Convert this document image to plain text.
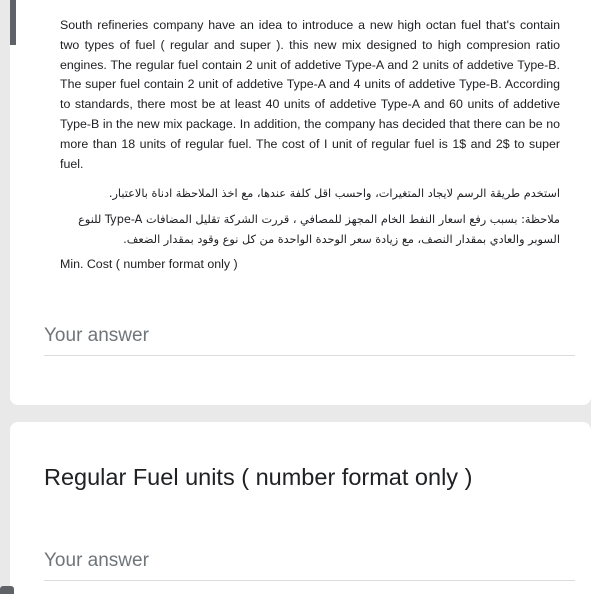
South refineries company have an idea to introduce a new high octan fuel that's contain two types of fuel ( regular and super ). this new mix designed to high compresion ratio engines. The regular fuel contain 2 unit of addetive Type-A and 2 units of addetive Type-B. The super fuel contain 2 unit of addetive Type-A and 4 units of addetive Type-B. According to standards, there most be at least 40 units of addetive Type-A and 60 units of addetive Type-B in the new mix package. In addition, the company has decided that there can be no more than 18 units of regular fuel. The cost of I unit of regular fuel is 1$ and 2$ to super fuel.

استخدم طريقة الرسم لايجاد المتغيرات، واحسب اقل كلفة عندها، مع اخذ الملاحظة ادناة بالاعتبار.

ملاحظة: بسبب رفع اسعار النفط الخام المجهز للمصافي ، قررت الشركة تقليل المضافات Type-A للنوع السوبر والعادي بمقدار النصف، مع زيادة سعر الوحدة الواحدة من كل نوع وقود بمقدار الضعف.

Min. Cost ( number format only )

Your answer

Regular Fuel units ( number format only )

Your answer
